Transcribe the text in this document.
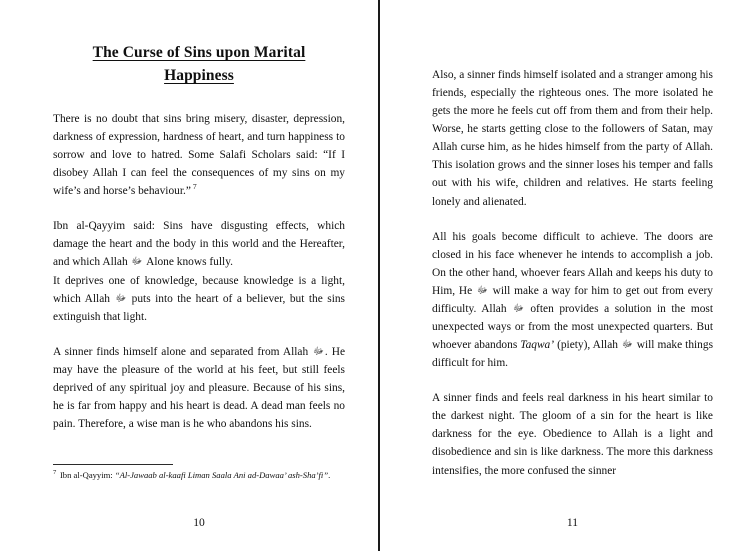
The Curse of Sins upon Marital
Happiness

There is no doubt that sins bring misery, disaster, depression, darkness of expression, hardness of heart, and turn happiness to sorrow and love to hatred. Some Salafi Scholars said: “If I disobey Allah I can feel the consequences of my sins on my wife’s and horse’s behaviour.” $^7$

Ibn al-Qayyim said: Sins have disgusting effects, which damage the heart and the body in this world and the Hereafter, and which Allah ﷻ Alone knows fully.

It deprives one of knowledge, because knowledge is a light, which Allah ﷻ puts into the heart of a believer, but the sins extinguish that light.

A sinner finds himself alone and separated from Allah ﷻ. He may have the pleasure of the world at his feet, but still feels deprived of any spiritual joy and pleasure. Because of his sins, he is far from happy and his heart is dead. A dead man feels no pain. Therefore, a wise man is he who abandons his sins.

$^7$ Ibn al-Qayyim: “Al-Jawaab al-kaafi Liman Saala Ani ad-Dawaa’ ash-Sha’fi”.

10

Also, a sinner finds himself isolated and a stranger among his friends, especially the righteous ones. The more isolated he gets the more he feels cut off from them and from their help. Worse, he starts getting close to the followers of Satan, may Allah curse him, as he hides himself from the party of Allah. This isolation grows and the sinner loses his temper and falls out with his wife, children and relatives. He starts feeling lonely and alienated.

All his goals become difficult to achieve. The doors are closed in his face whenever he intends to accomplish a job. On the other hand, whoever fears Allah and keeps his duty to Him, He ﷻ will make a way for him to get out from every difficulty. Allah ﷻ often provides a solution in the most unexpected ways or from the most unexpected quarters. But whoever abandons Taqwa’ (piety), Allah ﷻ will make things difficult for him.

A sinner finds and feels real darkness in his heart similar to the darkest night. The gloom of a sin for the heart is like darkness for the eye. Obedience to Allah is a light and disobedience and sin is like darkness. The more this darkness intensifies, the more confused the sinner

11
